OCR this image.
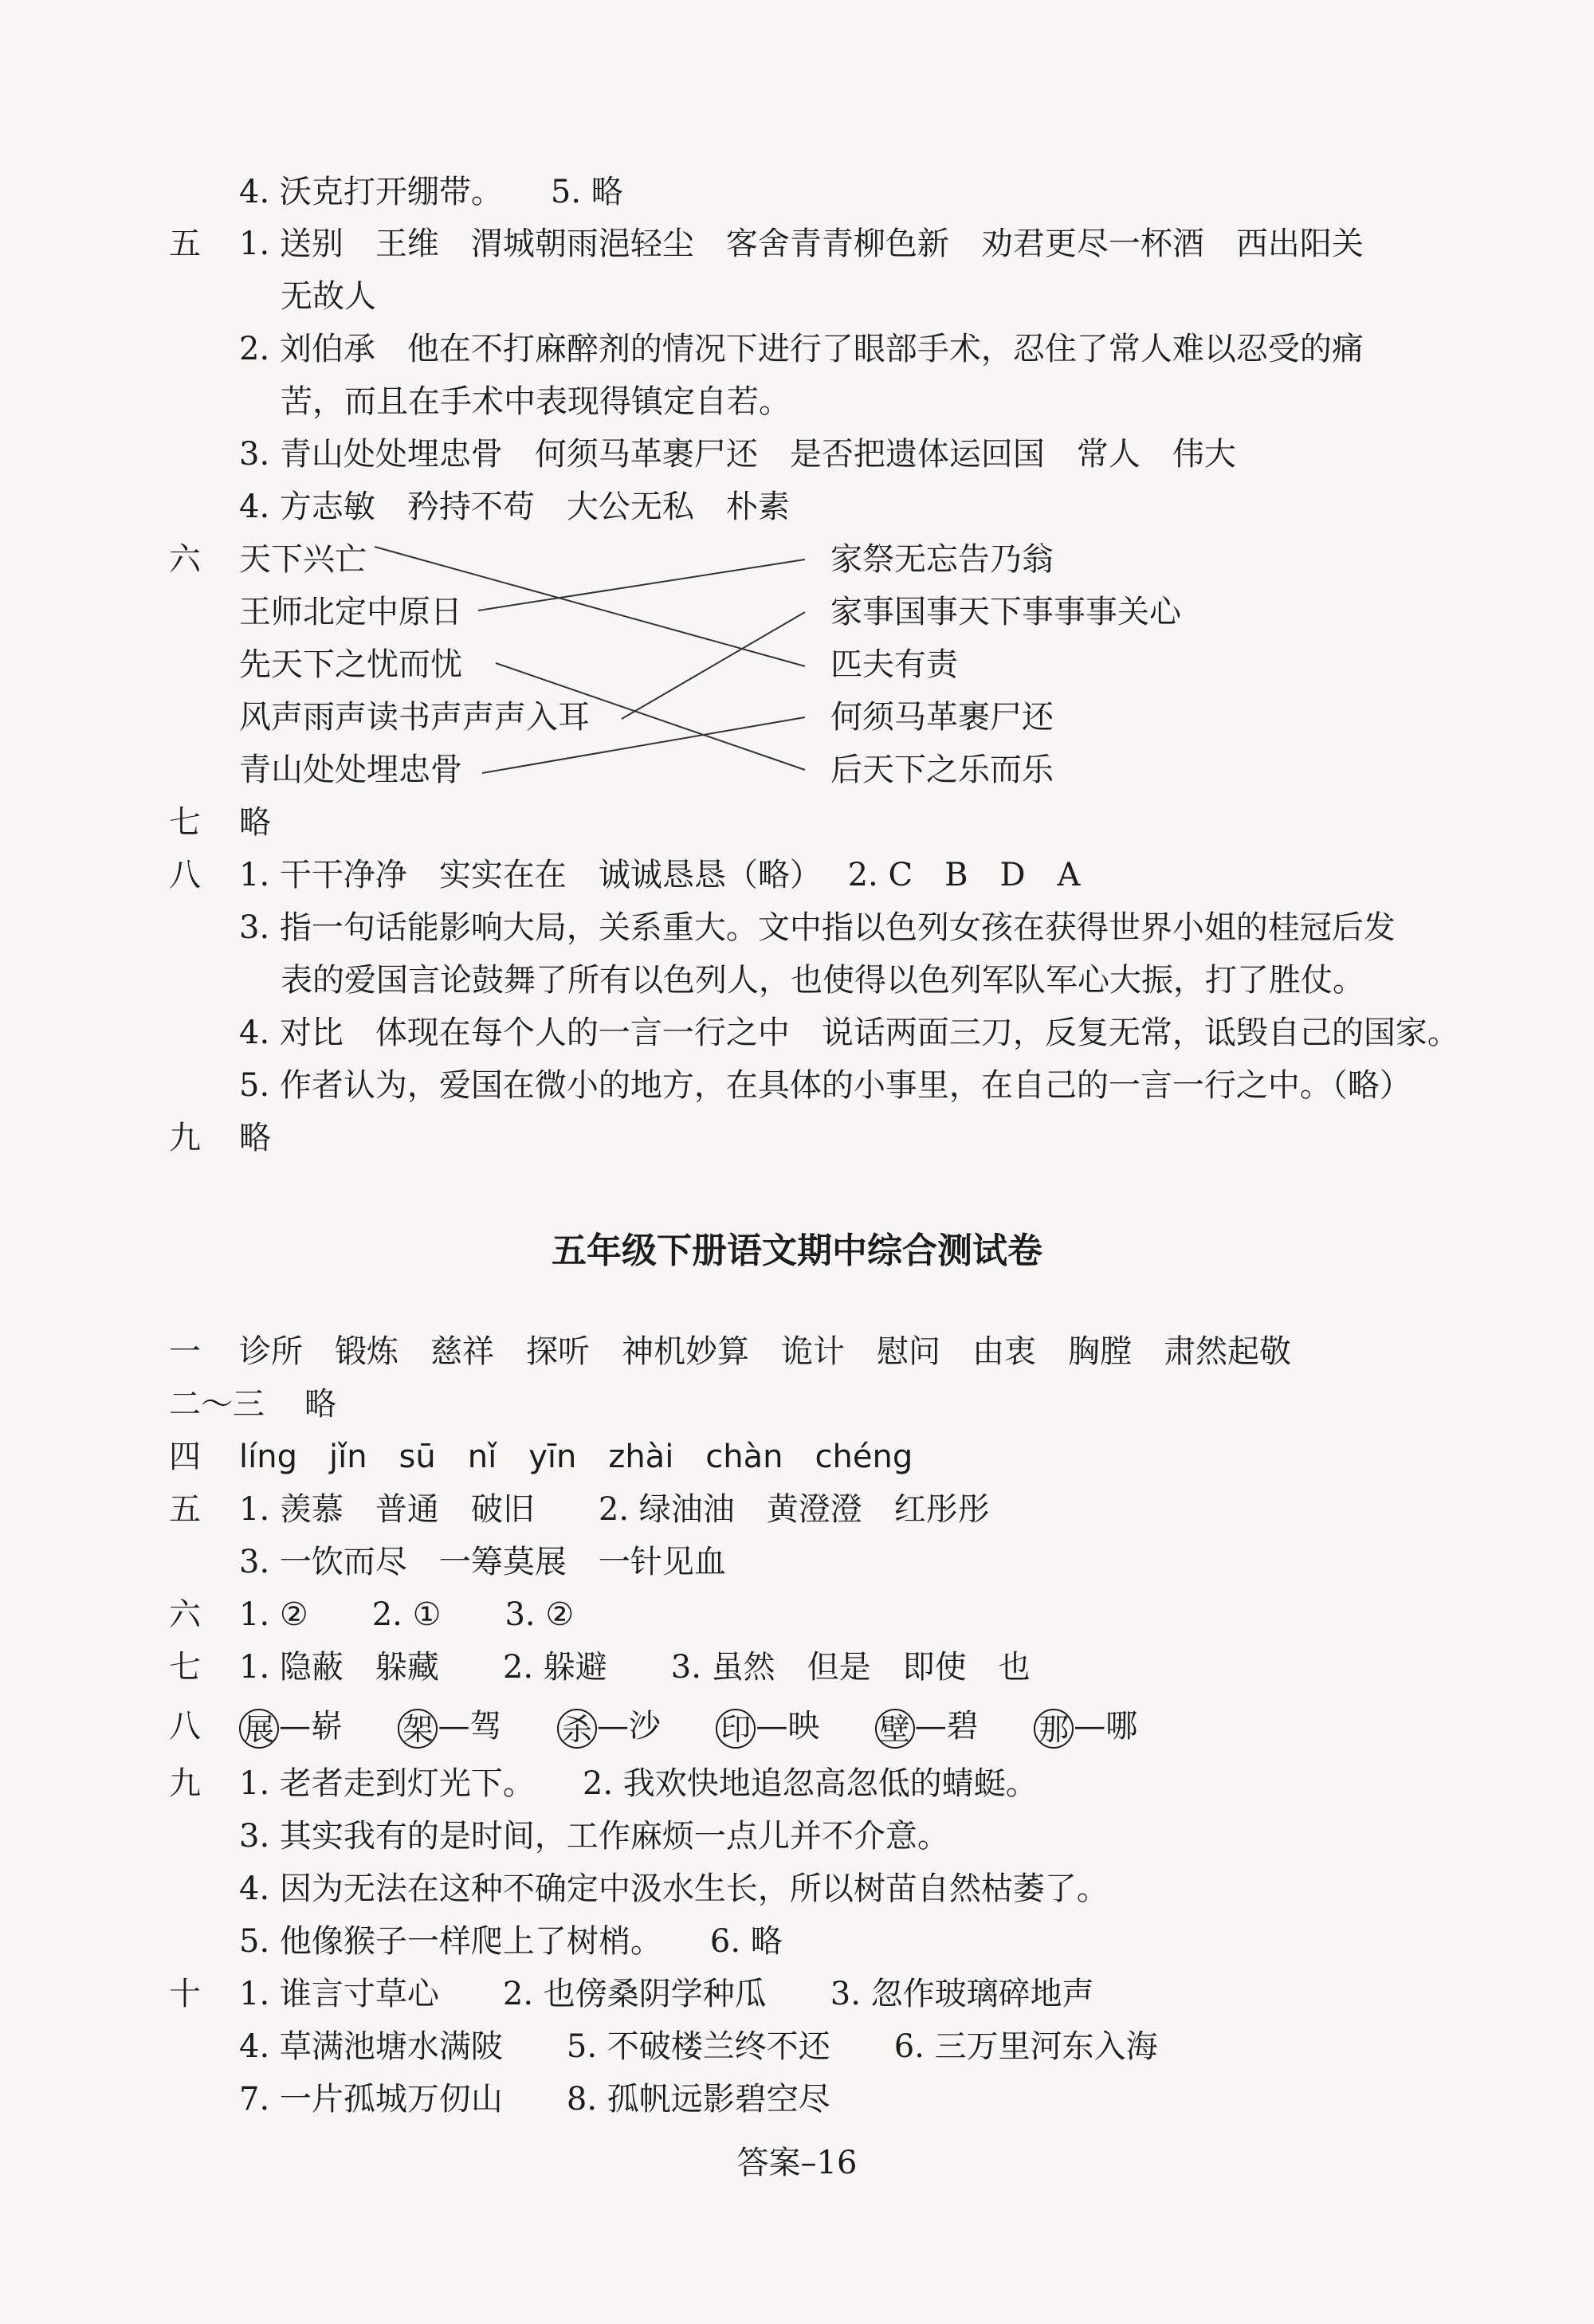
4. 沃克打开绷带。　　5. 略
五 1. 送别　王维　渭城朝雨浥轻尘　客舍青青柳色新　劝君更尽一杯酒　西出阳关
无故人
2. 刘伯承　他在不打麻醉剂的情况下进行了眼部手术，忍住了常人难以忍受的痛
苦，而且在手术中表现得镇定自若。
3. 青山处处埋忠骨　何须马革裹尸还　是否把遗体运回国　常人　伟大
4. 方志敏　矜持不苟　大公无私　朴素
六 天下兴亡
王师北定中原日
先天下之忧而忧
风声雨声读书声声声入耳
青山处处埋忠骨
家祭无忘告乃翁
家事国事天下事事事关心
匹夫有责
何须马革裹尸还
后天下之乐而乐
七 略
八 1. 干干净净　实实在在　诚诚恳恳（略）　 2. C　B　D　A
3. 指一句话能影响大局，关系重大。文中指以色列女孩在获得世界小姐的桂冠后发
表的爱国言论鼓舞了所有以色列人，也使得以色列军队军心大振，打了胜仗。
4. 对比　体现在每个人的一言一行之中　说话两面三刀，反复无常，诋毁自己的国家。
5. 作者认为，爱国在微小的地方，在具体的小事里，在自己的一言一行之中。（略）
九 略
五年级下册语文期中综合测试卷
一 诊所　锻炼　慈祥　探听　神机妙算　诡计　慰问　由衷　胸膛　肃然起敬
二～三 略
四 líng　jǐn　sū　nǐ　yīn　zhài　chàn　chéng
五 1. 羡慕　普通　破旧　　2. 绿油油　黄澄澄　红彤彤
3. 一饮而尽　一筹莫展　一针见血
六 1. ②　　2. ①　　3. ②
七 1. 隐蔽　躲藏　　2. 躲避　　3. 虽然　但是　即使　也
八 展 —崭 架 —驾 杀 —沙 印 —映 壁 —碧 那 —哪
九 1. 老者走到灯光下。　　2. 我欢快地追忽高忽低的蜻蜓。
3. 其实我有的是时间，工作麻烦一点儿并不介意。
4. 因为无法在这种不确定中汲水生长，所以树苗自然枯萎了。
5. 他像猴子一样爬上了树梢。　　6. 略
十 1. 谁言寸草心　　2. 也傍桑阴学种瓜　　3. 忽作玻璃碎地声
4. 草满池塘水满陂　　5. 不破楼兰终不还　　6. 三万里河东入海
7. 一片孤城万仞山　　8. 孤帆远影碧空尽
答案–16
